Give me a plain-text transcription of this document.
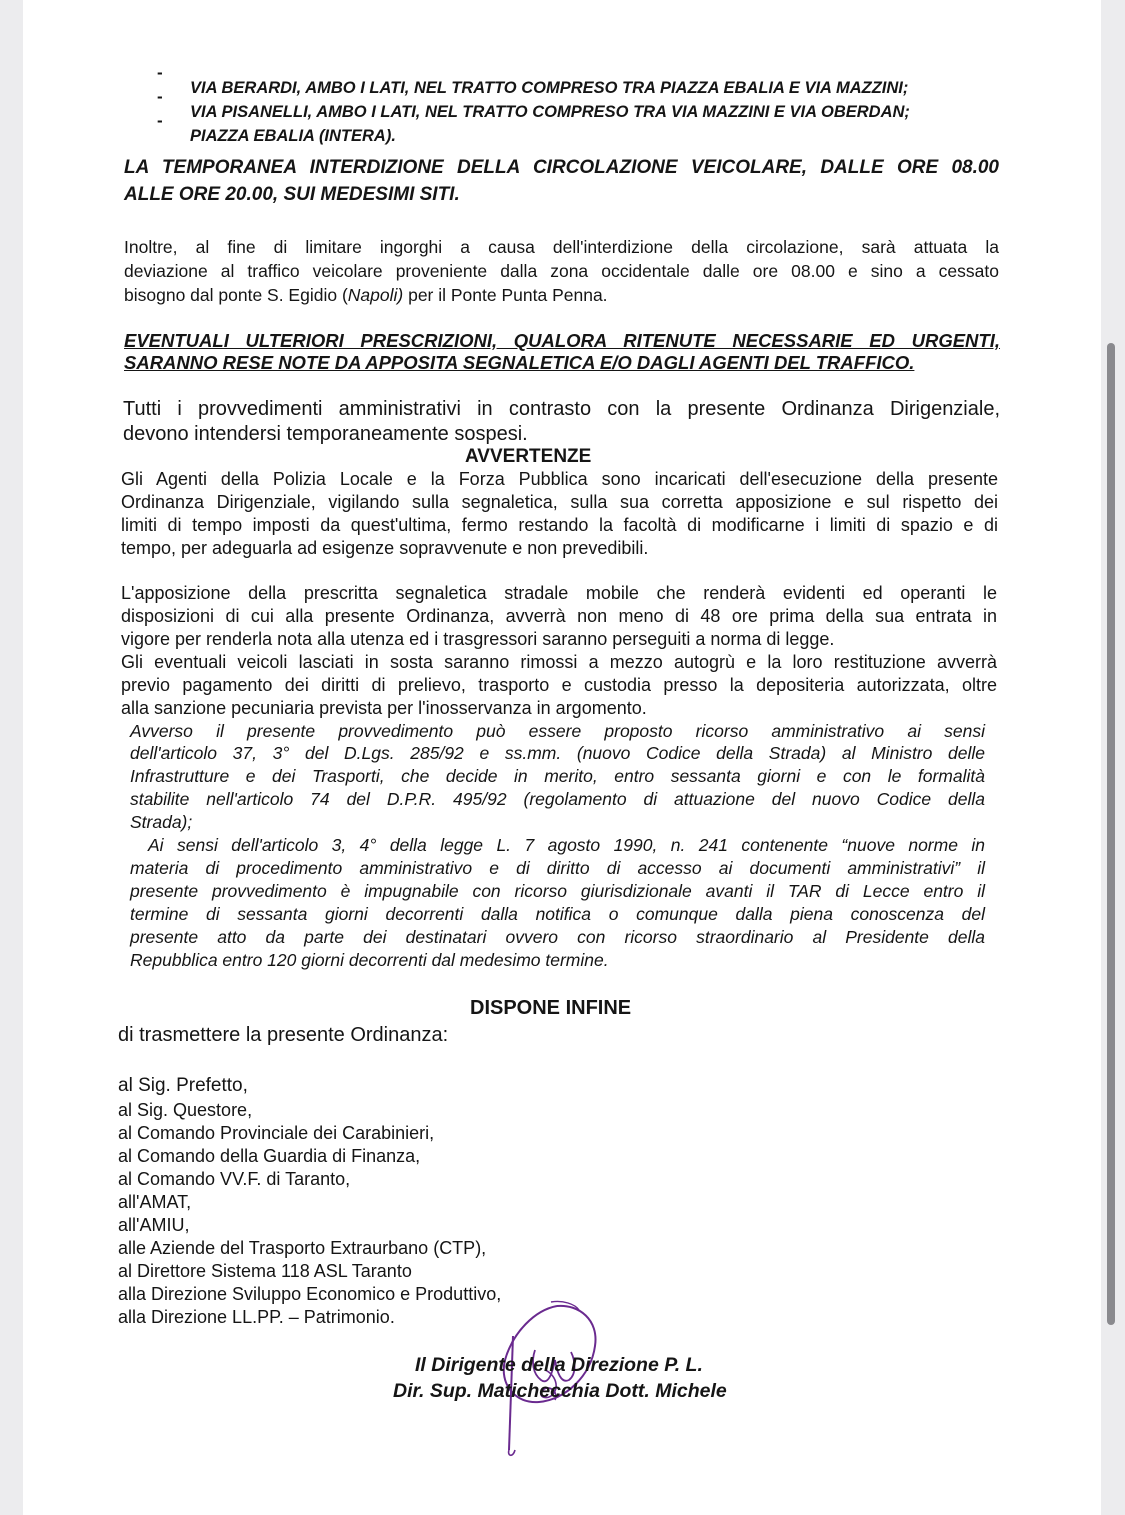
-
-
-

VIA BERARDI, AMBO I LATI, NEL TRATTO COMPRESO TRA PIAZZA EBALIA E VIA MAZZINI;

VIA PISANELLI, AMBO I LATI, NEL TRATTO COMPRESO TRA VIA MAZZINI E VIA OBERDAN;

PIAZZA EBALIA (INTERA).

LA TEMPORANEA INTERDIZIONE DELLA CIRCOLAZIONE VEICOLARE, DALLE ORE 08.00

ALLE ORE 20.00, SUI MEDESIMI SITI.

Inoltre, al fine di limitare ingorghi a causa dell'interdizione della circolazione, sarà attuata la

deviazione al traffico veicolare proveniente dalla zona occidentale dalle ore 08.00 e sino a cessato

bisogno dal ponte S. Egidio (Napoli) per il Ponte Punta Penna.

EVENTUALI ULTERIORI PRESCRIZIONI, QUALORA RITENUTE NECESSARIE ED URGENTI,

SARANNO RESE NOTE DA APPOSITA SEGNALETICA E/O DAGLI AGENTI DEL TRAFFICO.

Tutti i provvedimenti amministrativi in contrasto con la presente Ordinanza Dirigenziale,

devono intendersi temporaneamente sospesi.

AVVERTENZE

Gli Agenti della Polizia Locale e la Forza Pubblica sono incaricati dell'esecuzione della presente

Ordinanza Dirigenziale, vigilando sulla segnaletica, sulla sua corretta apposizione e sul rispetto dei

limiti di tempo imposti da quest'ultima, fermo restando la facoltà di modificarne i limiti di spazio e di

tempo, per adeguarla ad esigenze sopravvenute e non prevedibili.

L'apposizione della prescritta segnaletica stradale mobile che renderà evidenti ed operanti le

disposizioni di cui alla presente Ordinanza, avverrà non meno di 48 ore prima della sua entrata in

vigore per renderla nota alla utenza ed i trasgressori saranno perseguiti a norma di legge.

Gli eventuali veicoli lasciati in sosta saranno rimossi a mezzo autogrù e la loro restituzione avverrà

previo pagamento dei diritti di prelievo, trasporto e custodia presso la depositeria autorizzata, oltre

alla sanzione pecuniaria prevista per l'inosservanza in argomento.

Avverso il presente provvedimento può essere proposto ricorso amministrativo ai sensi

dell'articolo 37, 3° del D.Lgs. 285/92 e ss.mm. (nuovo Codice della Strada) al Ministro delle

Infrastrutture e dei Trasporti, che decide in merito, entro sessanta giorni e con le formalità

stabilite nell'articolo 74 del D.P.R. 495/92 (regolamento di attuazione del nuovo Codice della

Strada);

Ai sensi dell'articolo 3, 4° della legge L. 7 agosto 1990, n. 241 contenente “nuove norme in

materia di procedimento amministrativo e di diritto di accesso ai documenti amministrativi” il

presente provvedimento è impugnabile con ricorso giurisdizionale avanti il TAR di Lecce entro il

termine di sessanta giorni decorrenti dalla notifica o comunque dalla piena conoscenza del

presente atto da parte dei destinatari ovvero con ricorso straordinario al Presidente della

Repubblica entro 120 giorni decorrenti dal medesimo termine.

DISPONE INFINE

di trasmettere la presente Ordinanza:

al Sig. Prefetto,

al Sig. Questore,

al Comando Provinciale dei Carabinieri,

al Comando della Guardia di Finanza,

al Comando VV.F. di Taranto,

all'AMAT,

all'AMIU,

alle Aziende del Trasporto Extraurbano (CTP),

al Direttore Sistema 118 ASL Taranto

alla Direzione Sviluppo Economico e Produttivo,

alla Direzione LL.PP. – Patrimonio.

Il Dirigente della Direzione P. L.

Dir. Sup. Matichecchia Dott. Michele
